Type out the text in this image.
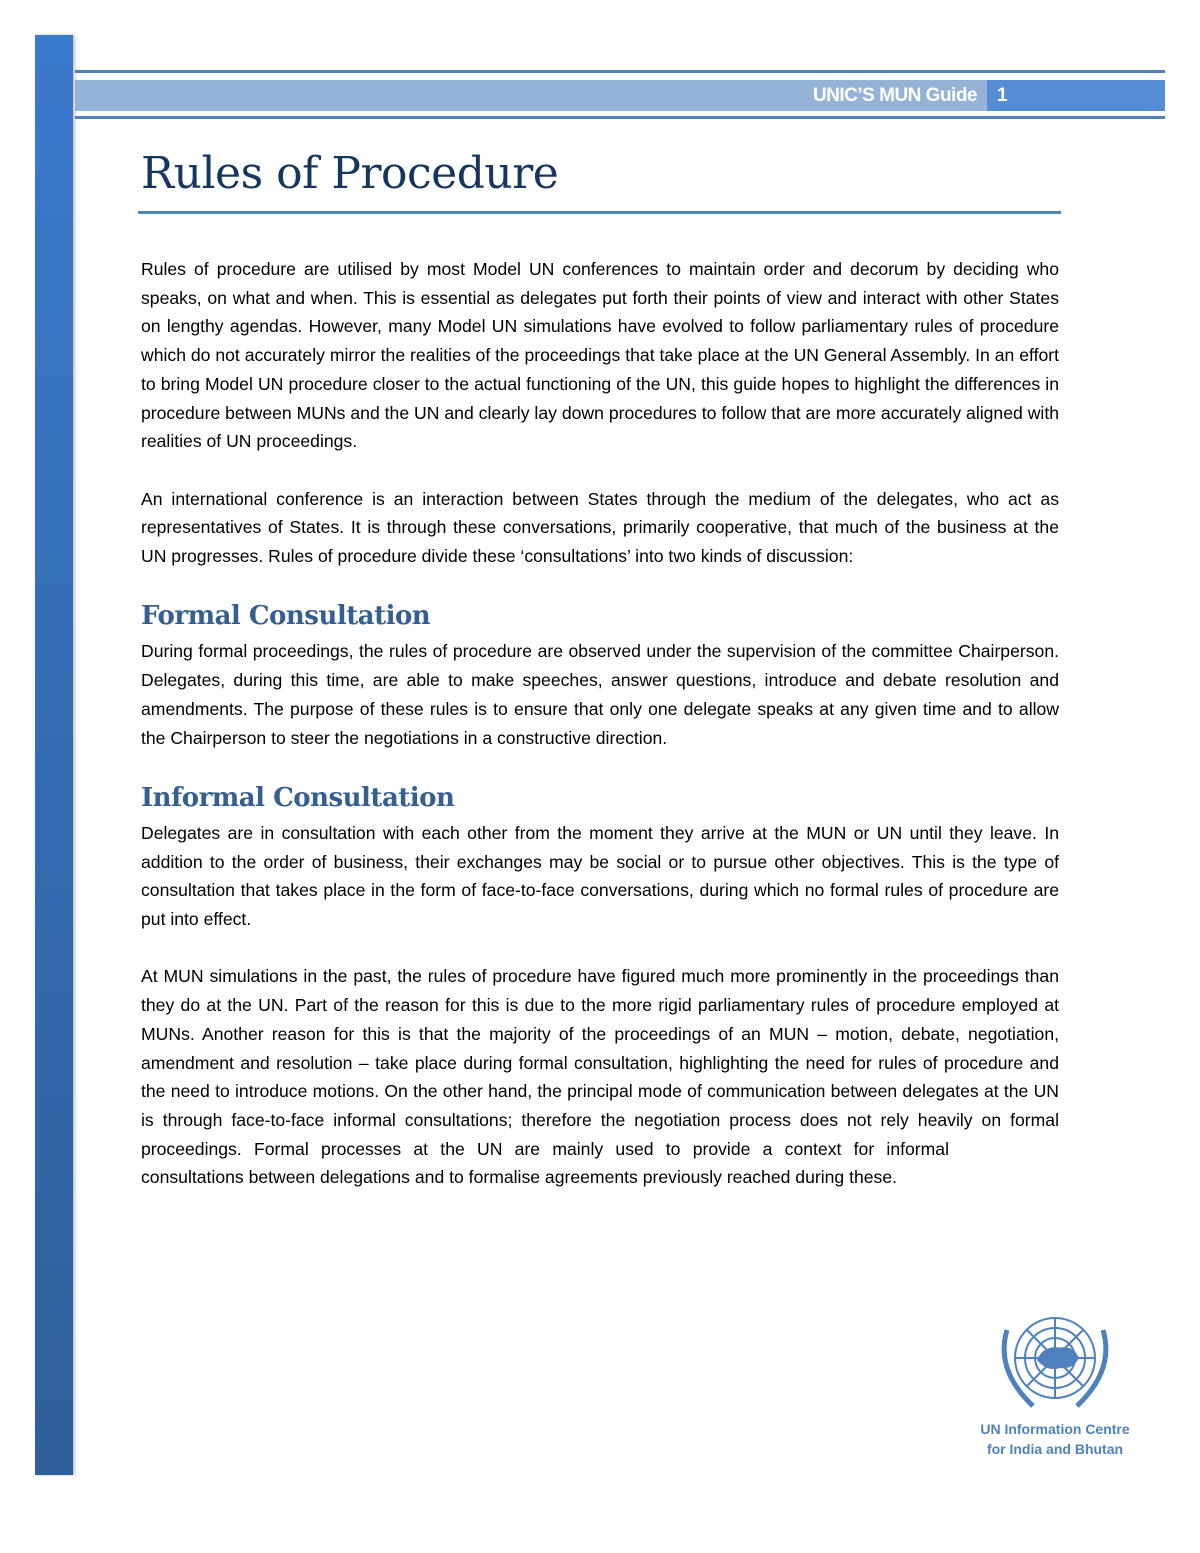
UNIC’S MUN Guide	1
Rules of Procedure

Rules of procedure are utilised by most Model UN conferences to maintain order and decorum by deciding who speaks, on what and when. This is essential as delegates put forth their points of view and interact with other States on lengthy agendas. However, many Model UN simulations have evolved to follow parliamentary rules of procedure which do not accurately mirror the realities of the proceedings that take place at the UN General Assembly. In an effort to bring Model UN procedure closer to the actual functioning of the UN, this guide hopes to highlight the differences in procedure between MUNs and the UN and clearly lay down procedures to follow that are more accurately aligned with realities of UN proceedings.

An international conference is an interaction between States through the medium of the delegates, who act as representatives of States. It is through these conversations, primarily cooperative, that much of the business at the UN progresses. Rules of procedure divide these ‘consultations’ into two kinds of discussion:

Formal Consultation

During formal proceedings, the rules of procedure are observed under the supervision of the committee Chairperson. Delegates, during this time, are able to make speeches, answer questions, introduce and debate resolution and amendments. The purpose of these rules is to ensure that only one delegate speaks at any given time and to allow the Chairperson to steer the negotiations in a constructive direction.

Informal Consultation

Delegates are in consultation with each other from the moment they arrive at the MUN or UN until they leave. In addition to the order of business, their exchanges may be social or to pursue other objectives. This is the type of consultation that takes place in the form of face-to-face conversations, during which no formal rules of procedure are put into effect.

At MUN simulations in the past, the rules of procedure have figured much more prominently in the proceedings than they do at the UN. Part of the reason for this is due to the more rigid parliamentary rules of procedure employed at MUNs. Another reason for this is that the majority of the proceedings of an MUN – motion, debate, negotiation, amendment and resolution – take place during formal consultation, highlighting the need for rules of procedure and the need to introduce motions. On the other hand, the principal mode of communication between delegates at the UN is through face-to-face informal consultations; therefore the negotiation process does not rely heavily on formal proceedings. Formal processes at the UN are mainly used to provide a context for informal consultations between delegations and to formalise agreements previously reached during these.

UN Information Centre
for India and Bhutan
